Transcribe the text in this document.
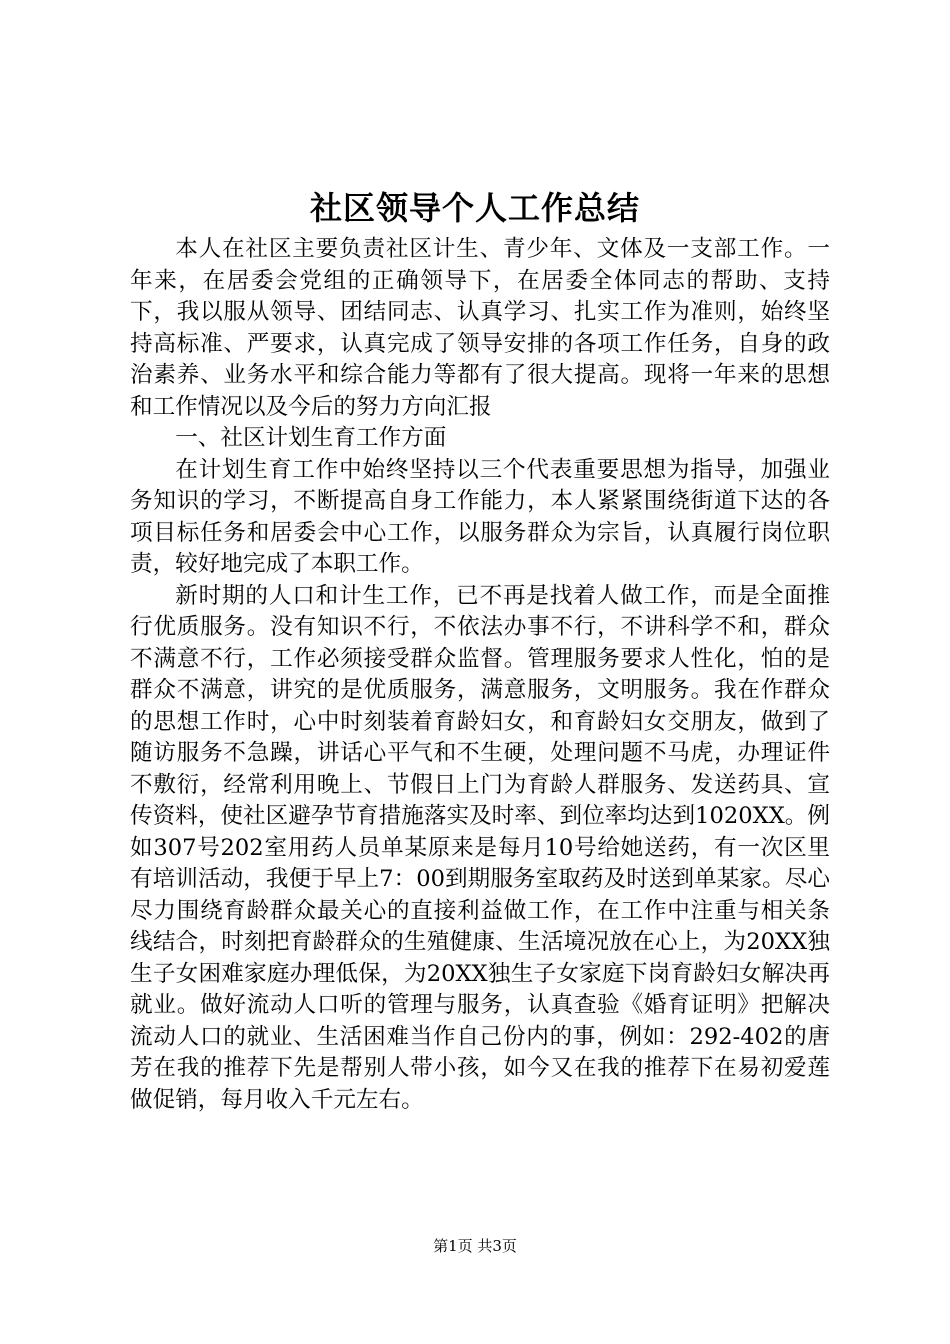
社区领导个人工作总结

本人在社区主要负责社区计生、青少年、文体及一支部工作。一年来，在居委会党组的正确领导下，在居委全体同志的帮助、支持下，我以服从领导、团结同志、认真学习、扎实工作为准则，始终坚持高标准、严要求，认真完成了领导安排的各项工作任务，自身的政治素养、业务水平和综合能力等都有了很大提高。现将一年来的思想和工作情况以及今后的努力方向汇报

一、社区计划生育工作方面

在计划生育工作中始终坚持以三个代表重要思想为指导，加强业务知识的学习，不断提高自身工作能力，本人紧紧围绕街道下达的各项目标任务和居委会中心工作，以服务群众为宗旨，认真履行岗位职责，较好地完成了本职工作。

新时期的人口和计生工作，已不再是找着人做工作，而是全面推行优质服务。没有知识不行，不依法办事不行，不讲科学不和，群众不满意不行，工作必须接受群众监督。管理服务要求人性化，怕的是群众不满意，讲究的是优质服务，满意服务，文明服务。我在作群众的思想工作时，心中时刻装着育龄妇女，和育龄妇女交朋友，做到了随访服务不急躁，讲话心平气和不生硬，处理问题不马虎，办理证件不敷衍，经常利用晚上、节假日上门为育龄人群服务、发送药具、宣传资料，使社区避孕节育措施落实及时率、到位率均达到1020XX。例如307号202室用药人员单某原来是每月10号给她送药，有一次区里有培训活动，我便于早上7：00到期服务室取药及时送到单某家。尽心尽力围绕育龄群众最关心的直接利益做工作，在工作中注重与相关条线结合，时刻把育龄群众的生殖健康、生活境况放在心上，为20XX独生子女困难家庭办理低保，为20XX独生子女家庭下岗育龄妇女解决再就业。做好流动人口听的管理与服务，认真查验《婚育证明》把解决流动人口的就业、生活困难当作自己份内的事，例如：292-402的唐芳在我的推荐下先是帮别人带小孩，如今又在我的推荐下在易初爱莲做促销，每月收入千元左右。

第1页 共3页
